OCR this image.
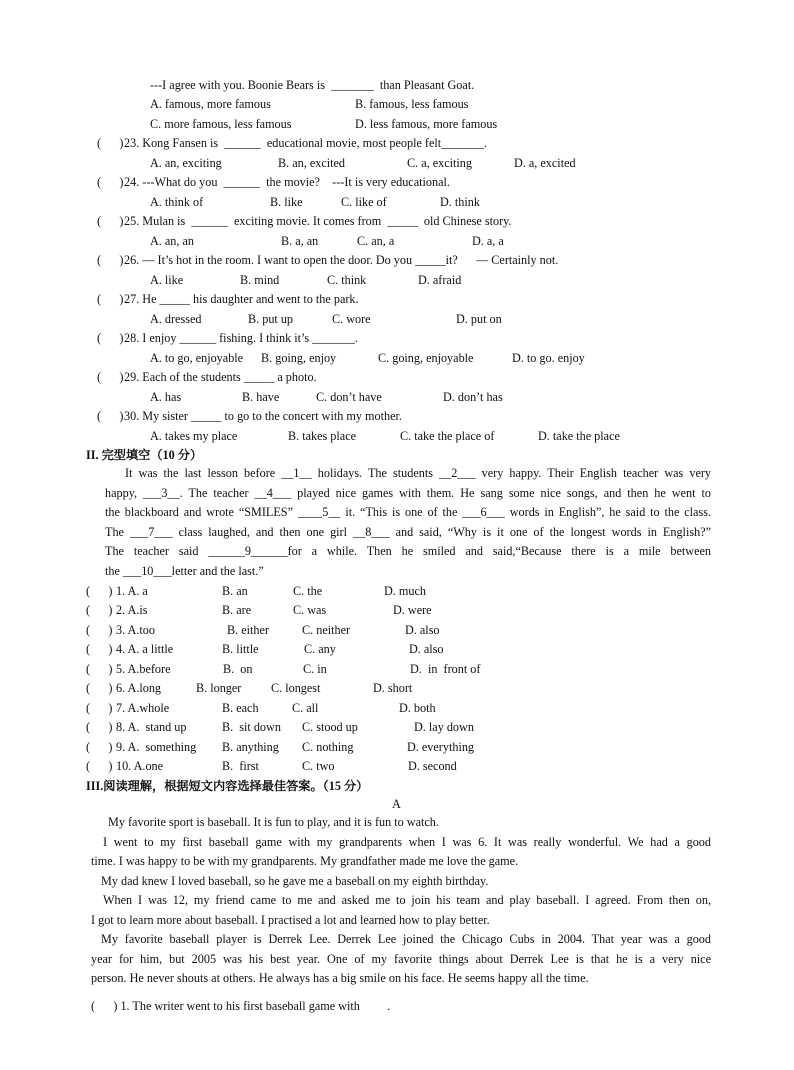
---I agree with you. Boonie Bears is  _______  than Pleasant Goat.
A. famous, more famous	B. famous, less famous
C. more famous, less famous	D. less famous, more famous
(      ) 23. Kong Fansen is  ______  educational movie, most people felt_______.
A. an, exciting	B. an, excited	C. a, exciting	D. a, excited
(      ) 24. ---What do you  ______  the movie?    ---It is very educational.
A. think of	B. like	C. like of	D. think
(      ) 25. Mulan is  ______  exciting movie. It comes from  _____  old Chinese story.
A. an, an	B. a, an	C. an, a	D. a, a
(      ) 26. — It’s hot in the room. I want to open the door. Do you _____it?      — Certainly not.
A. like	B. mind	C. think	D. afraid
(      ) 27. He _____ his daughter and went to the park.
A. dressed	B. put up	C. wore	D. put on
(      ) 28. I enjoy ______ fishing. I think it’s _______.
A. to go, enjoyable B. going, enjoy	C. going, enjoyable	D. to go. enjoy
(      ) 29. Each of the students _____ a photo.
A. has	B. have	C. don’t have	D. don’t has
(      ) 30. My sister _____ to go to the concert with my mother.
A. takes my place	B. takes place	C. take the place of	D. take the place
II. 完型填空（10 分）
It was the last lesson before __1__ holidays. The students __2___ very happy. Their English teacher was very
happy, ___3__. The teacher __4___ played nice games with them. He sang some nice songs, and then he went to
the blackboard and wrote “SMILES” ____5__ it. “This is one of the ___6___ words in English”, he said to the class.
The ___7___ class laughed, and then one girl __8___ and said, “Why is it one of the longest words in English?”
The teacher said ______9______for a while. Then he smiled and said,“Because there is a mile between
the ___10___letter and the last.”
(      ) 1. A. a	B. an	C. the	D. much
(      ) 2. A.is	B. are	C. was	D. were
(      ) 3. A.too	B. either	C. neither	D. also
(      ) 4. A. a little	B. little	C. any	D. also
(      ) 5. A.before	B.  on	C. in	D.  in  front of
(      ) 6. A.long	B. longer C. longest	D. short
(      ) 7. A.whole	B. each	C. all	D. both
(      ) 8. A.  stand up	B.  sit down C. stood up	D. lay down
(      ) 9. A.  something B. anything C. nothing	D. everything
(      ) 10. A.one	B.  first	C. two	D. second
III.阅读理解，根据短文内容选择最佳答案。（15 分）
A
My favorite sport is baseball. It is fun to play, and it is fun to watch.
I went to my first baseball game with my grandparents when I was 6. It was really wonderful. We had a good
time. I was happy to be with my grandparents. My grandfather made me love the game.
My dad knew I loved baseball, so he gave me a baseball on my eighth birthday.
When I was 12, my friend came to me and asked me to join his team and play baseball. I agreed. From then on,
I got to learn more about baseball. I practised a lot and learned how to play better.
My favorite baseball player is Derrek Lee. Derrek Lee joined the Chicago Cubs in 2004. That year was a good
year for him, but 2005 was his best year. One of my favorite things about Derrek Lee is that he is a very nice
person. He never shouts at others. He always has a big smile on his face. He seems happy all the time.
(      ) 1. The writer went to his first baseball game with         .
